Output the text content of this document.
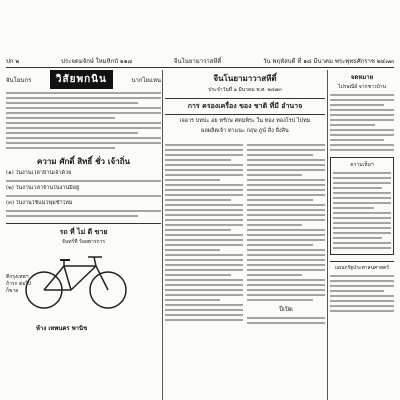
ปก ๒	ประจดมจักษ์ ใหมหิกบั ๑๑๗	จีนโนยามาวาสหีติ์	วัน พฤหัสบดี ที่ ๑๘ มีนาคม พระพุทธศักราช ๒๔๗๓
จันโยนกร	วิสัยพกนิน	นากไยแหน
ความ ศักดิ์ สิทธิ์ ชั่ว เจ้าถิ่น
(๑) ในงานเวลาบ้านเจ้าด้วย
(๒) ในงานเวลาจ้านในงานมีอยู่
(๓) ในงานใช้แมวพุ่มชำไหม
รถ ที่ ไม่ ดี ขาย
จันทร์ที่ ร้อยพารการ
ตีกรุงเทพฯ
ถ้ารก ต่อไป
ก็ขาย
ห้าง เทพนคร พานิช
จีนโนยามาวาสหีติ์
ประจำวันที่ ๑ มีนาคม พ.ศ. ๒๔๗๓
การ ครองเครื่อง ของ ชาติ ที่มี อำนาจ
เจอาร บทปะ อย ทรักษ ศตมพิระ ใน ทอง ทองโรป ไปทม
ผลผลิตเจ้า ทาแนะ กฤษ ภูน์ สิ่ง สิ่งสิน
ปีเปิด
จดหมาย
ไปรษณีย์ จากชาวบ้าน
ความเห็นฯ
แผนกรัฐประศาสนศาสตร์
